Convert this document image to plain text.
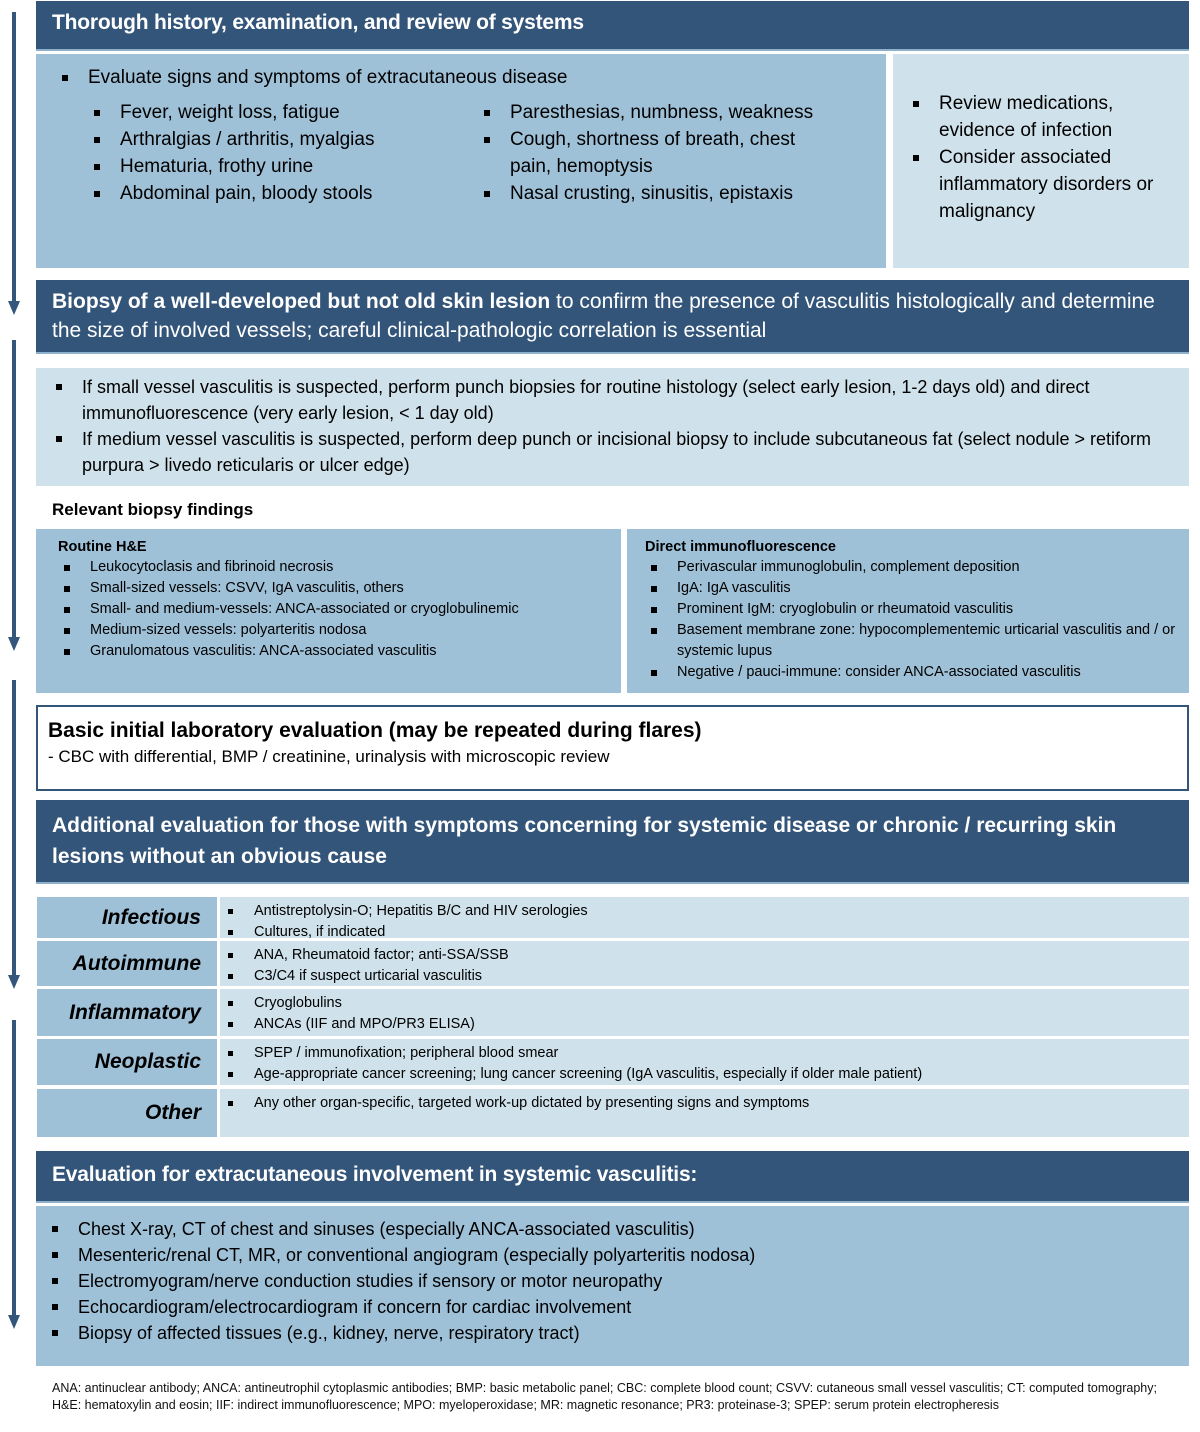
Thorough history, examination, and review of systems
Evaluate signs and symptoms of extracutaneous disease
Fever, weight loss, fatigue
Arthralgias / arthritis, myalgias
Hematuria, frothy urine
Abdominal pain, bloody stools
Paresthesias, numbness, weakness
Cough, shortness of breath, chest pain, hemoptysis
Nasal crusting, sinusitis, epistaxis
Review medications, evidence of infection
Consider associated inflammatory disorders or malignancy
Biopsy of a well-developed but not old skin lesion to confirm the presence of vasculitis histologically and determine the size of involved vessels; careful clinical-pathologic correlation is essential
If small vessel vasculitis is suspected, perform punch biopsies for routine histology (select early lesion, 1-2 days old) and direct immunofluorescence (very early lesion, < 1 day old)
If medium vessel vasculitis is suspected, perform deep punch or incisional biopsy to include subcutaneous fat (select nodule > retiform purpura > livedo reticularis or ulcer edge)
Relevant biopsy findings
Routine H&E
Leukocytoclasis and fibrinoid necrosis
Small-sized vessels: CSVV, IgA vasculitis, others
Small- and medium-vessels: ANCA-associated or cryoglobulinemic
Medium-sized vessels: polyarteritis nodosa
Granulomatous vasculitis: ANCA-associated vasculitis
Direct immunofluorescence
Perivascular immunoglobulin, complement deposition
IgA: IgA vasculitis
Prominent IgM: cryoglobulin or rheumatoid vasculitis
Basement membrane zone: hypocomplementemic urticarial vasculitis and / or systemic lupus
Negative / pauci-immune: consider ANCA-associated vasculitis
Basic initial laboratory evaluation (may be repeated during flares)
- CBC with differential, BMP / creatinine, urinalysis with microscopic review
Additional evaluation for those with symptoms concerning for systemic disease or chronic / recurring skin lesions without an obvious cause
Infectious	Antistreptolysin-O; Hepatitis B/C and HIV serologies
Cultures, if indicated
Autoimmune	ANA, Rheumatoid factor; anti-SSA/SSB
C3/C4 if suspect urticarial vasculitis
Inflammatory	Cryoglobulins
ANCAs (IIF and MPO/PR3 ELISA)
Neoplastic	SPEP / immunofixation; peripheral blood smear
Age-appropriate cancer screening; lung cancer screening (IgA vasculitis, especially if older male patient)
Other	Any other organ-specific, targeted work-up dictated by presenting signs and symptoms
Evaluation for extracutaneous involvement in systemic vasculitis:
Chest X-ray, CT of chest and sinuses (especially ANCA-associated vasculitis)
Mesenteric/renal CT, MR, or conventional angiogram (especially polyarteritis nodosa)
Electromyogram/nerve conduction studies if sensory or motor neuropathy
Echocardiogram/electrocardiogram if concern for cardiac involvement
Biopsy of affected tissues (e.g., kidney, nerve, respiratory tract)
ANA: antinuclear antibody; ANCA: antineutrophil cytoplasmic antibodies; BMP: basic metabolic panel; CBC: complete blood count; CSVV: cutaneous small vessel vasculitis; CT: computed tomography; H&E: hematoxylin and eosin; IIF: indirect immunofluorescence; MPO: myeloperoxidase; MR: magnetic resonance; PR3: proteinase-3; SPEP: serum protein electropheresis
